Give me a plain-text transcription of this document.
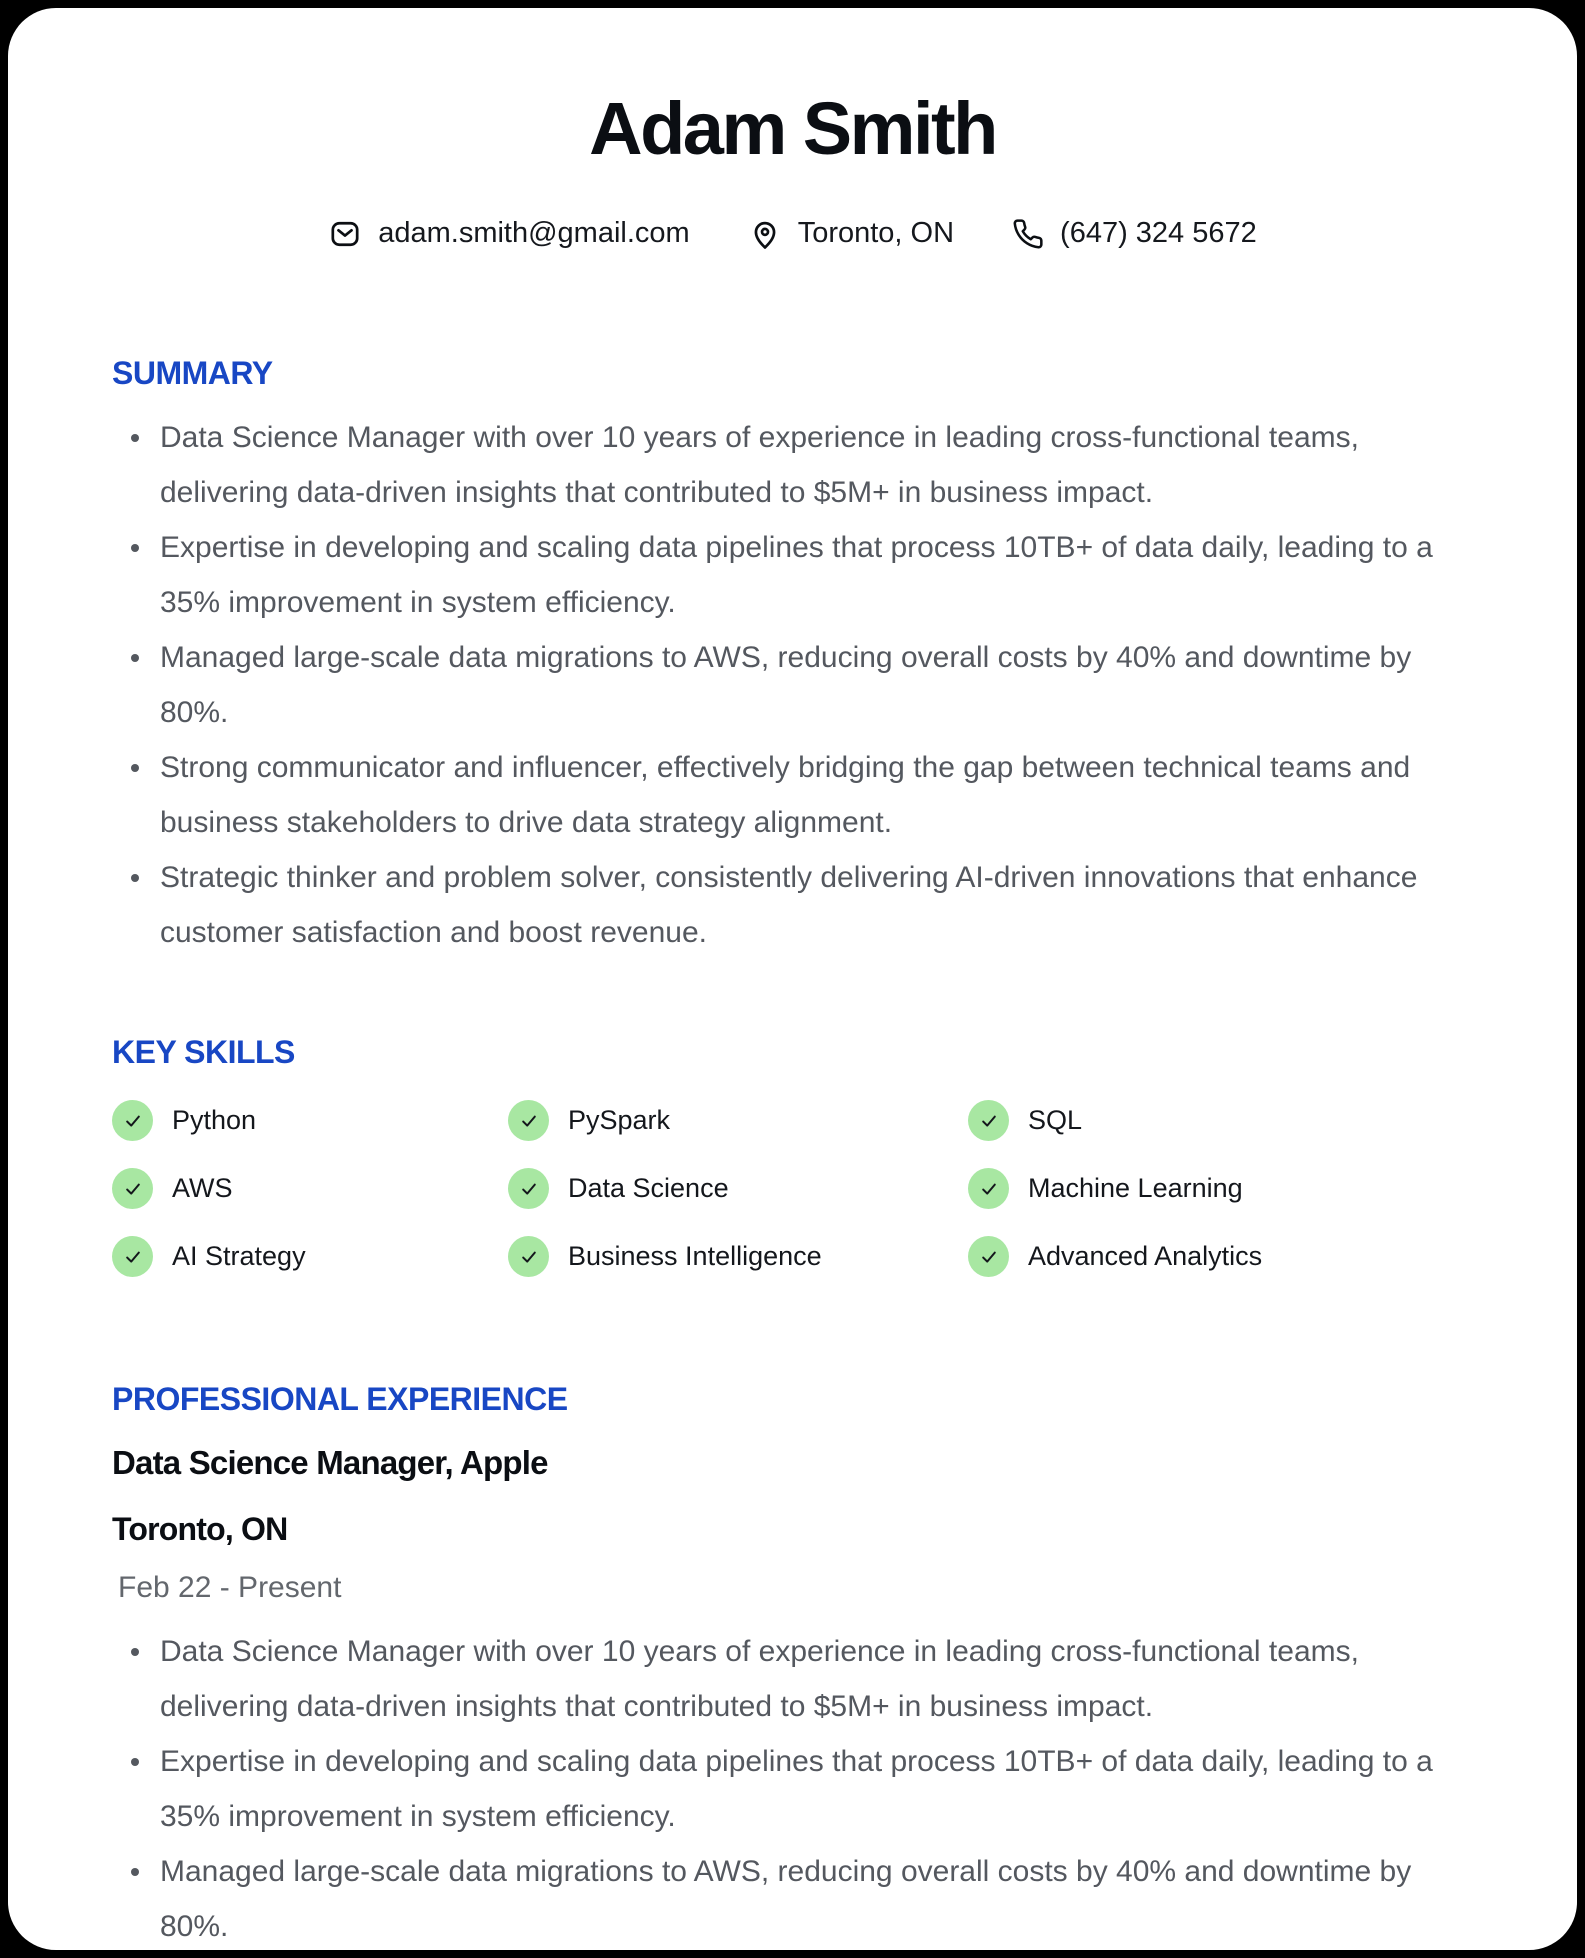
Adam Smith
adam.smith@gmail.com	Toronto, ON	(647) 324 5672
SUMMARY
Data Science Manager with over 10 years of experience in leading cross-functional teams, delivering data-driven insights that contributed to $5M+ in business impact.
Expertise in developing and scaling data pipelines that process 10TB+ of data daily, leading to a 35% improvement in system efficiency.
Managed large-scale data migrations to AWS, reducing overall costs by 40% and downtime by 80%.
Strong communicator and influencer, effectively bridging the gap between technical teams and business stakeholders to drive data strategy alignment.
Strategic thinker and problem solver, consistently delivering AI-driven innovations that enhance customer satisfaction and boost revenue.
KEY SKILLS
Python	PySpark	SQL
AWS	Data Science	Machine Learning
AI Strategy	Business Intelligence	Advanced Analytics
PROFESSIONAL EXPERIENCE
Data Science Manager, Apple
Toronto, ON
Feb 22 - Present
Data Science Manager with over 10 years of experience in leading cross-functional teams, delivering data-driven insights that contributed to $5M+ in business impact.
Expertise in developing and scaling data pipelines that process 10TB+ of data daily, leading to a 35% improvement in system efficiency.
Managed large-scale data migrations to AWS, reducing overall costs by 40% and downtime by 80%.
